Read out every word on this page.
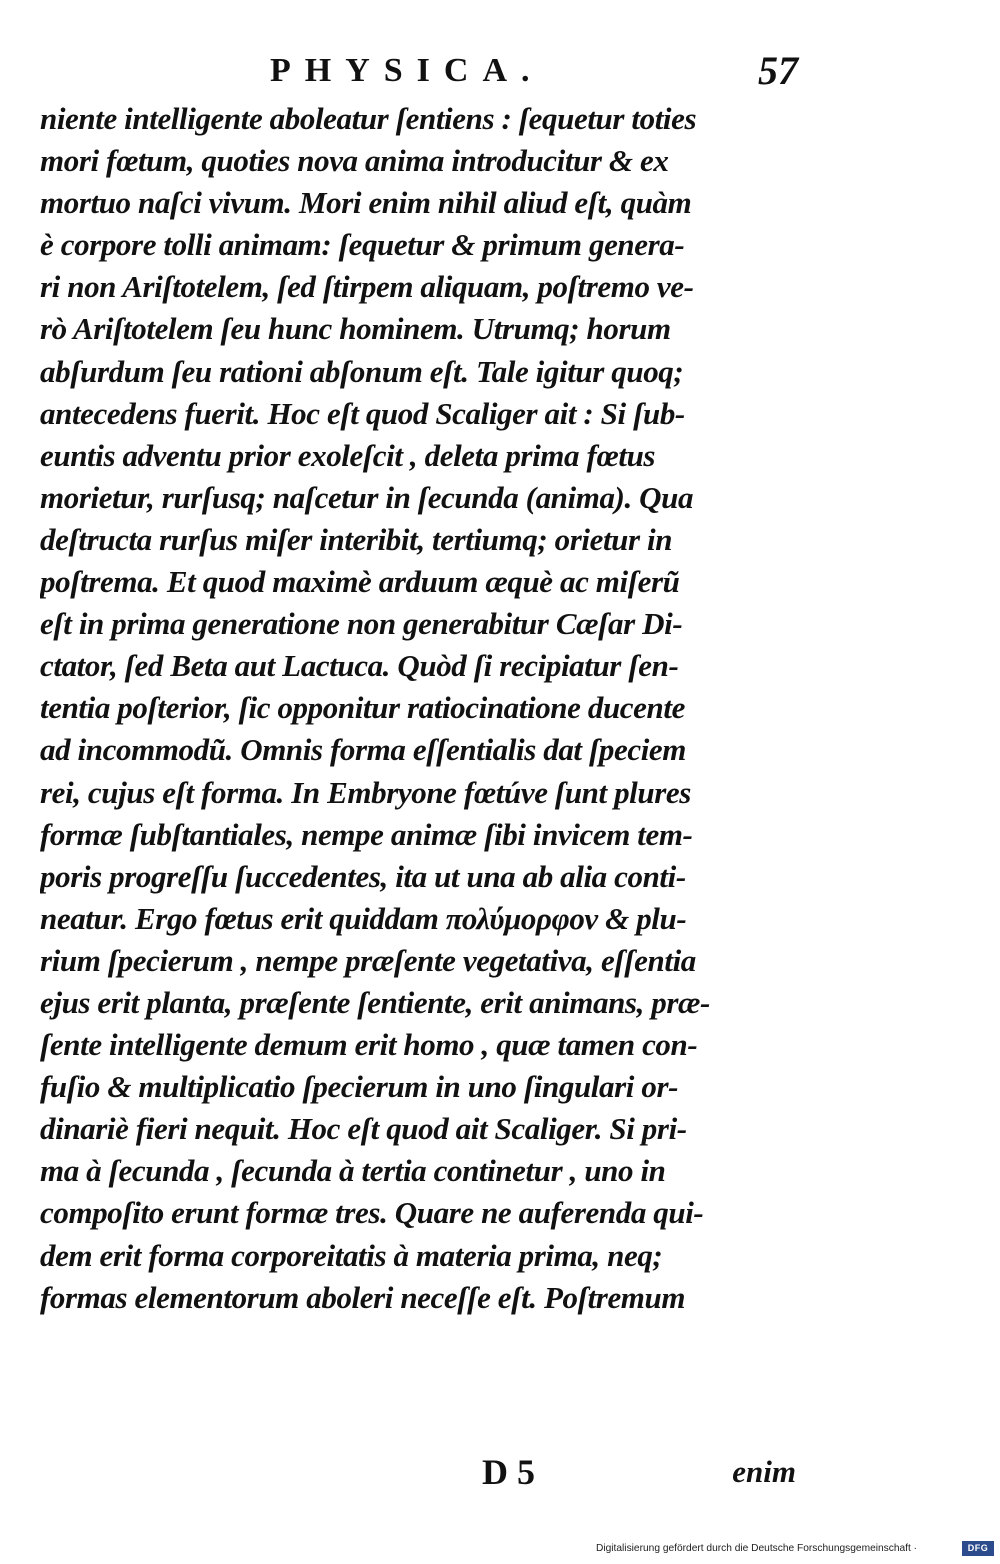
PHYSICA.	57
niente intelligente aboleatur ſentiens : ſequetur toties
mori fœtum, quoties nova anima introducitur & ex
mortuo naſci vivum. Mori enim nihil aliud eſt, quàm
è corpore tolli animam: ſequetur & primum genera-
ri non Ariſtotelem, ſed ſtirpem aliquam, poſtremo ve-
rò Ariſtotelem ſeu hunc hominem. Utrumq; horum
abſurdum ſeu rationi abſonum eſt. Tale igitur quoq;
antecedens fuerit. Hoc eſt quod Scaliger ait : Si ſub-
euntis adventu prior exoleſcit , deleta prima fœtus
morietur, rurſusq; naſcetur in ſecunda (anima). Qua
deſtructa rurſus miſer interibit, tertiumq; orietur in
poſtrema. Et quod maximè arduum æquè ac miſerũ
eſt in prima generatione non generabitur Cæſar Di-
ctator, ſed Beta aut Lactuca. Quòd ſi recipiatur ſen-
tentia poſterior, ſic opponitur ratiocinatione ducente
ad incommodũ. Omnis forma eſſentialis dat ſpeciem
rei, cujus eſt forma. In Embryone fœtúve ſunt plures
formæ ſubſtantiales, nempe animæ ſibi invicem tem-
poris progreſſu ſuccedentes, ita ut una ab alia conti-
neatur. Ergo fœtus erit quiddam πολύμορφον & plu-
rium ſpecierum , nempe præſente vegetativa, eſſentia
ejus erit planta, præſente ſentiente, erit animans, præ-
ſente intelligente demum erit homo , quæ tamen con-
fuſio & multiplicatio ſpecierum in uno ſingulari or-
dinariè fieri nequit. Hoc eſt quod ait Scaliger. Si pri-
ma à ſecunda , ſecunda à tertia continetur , uno in
compoſito erunt formæ tres. Quare ne auferenda qui-
dem erit forma corporeitatis à materia prima, neq;
formas elementorum aboleri neceſſe eſt. Poſtremum
D 5	enim
Digitalisierung gefördert durch die Deutsche Forschungsgemeinschaft ·	DFG
